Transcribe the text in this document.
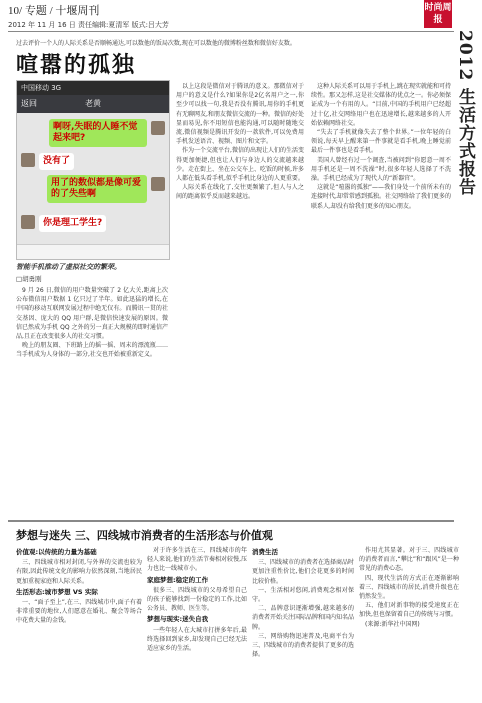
10/ 专题 / 十堰周刊
2012 年 11 月 16 日 责任编辑:夏清军 版式:吕大芳
时尚周报
2012 生活方式报告
过去评价一个人的人际关系是否顺畅通达,可以数他的饭局次数,现在可以数他的微博粉丝数和微信好友数。
喧嚣的孤独
中国移动 3G
返回	老黄
啊呀,失眠的人睡不觉起来吧?
没有了
用了的数似都是像可爱的了失些啊
你是理工学生?
智能手机推动了虚拟社交的繁荣。
□胡勇刚
9 月 26 日,微信的用户数量突破了 2 亿大关,距离上次公布微信用户数据 1 亿只过了半年。如此迅猛的增长,在中国的移动互联网发展过程中绝无仅有。而腾讯一贯的社交基因、庞大的 QQ 用户群,是微信快速发展的原因。微信已然成为手机 QQ 之外的另一真正大规模的即时通信产品,且正在改变很多人的社交习惯。
晚上的朋友圈、下班路上的摇一摇、周末的漂流瓶……当手机成为人身体的一部分,社交也开始被重新定义。
以上这段是微信对于腾讯的意义。那微信对于用户的意义是什么?如果你是2亿名用户之一,你至少可以找一句,我是否没有腾讯,用你的手机更有无聊网友,和朋友微信交流的一种。微信的好处显而易见,你不用短信也能沟通,可以随时随地交流,微信视频是腾讯开发的一款软件,可以免费用手机发送语音、视频、图片和文字。
作为一个交流平台,微信的出现让人们的生活变得更加便捷,但也让人们与身边人的交流越来越少。走在街上、坐在公交车上、吃饭的时候,许多人都在低头看手机,似乎手机比身边的人更重要。
人际关系在线化了,交往更频繁了,但人与人之间的距离似乎反而越来越远。
这种人际关系可以用于手机上,跳在现实就能和可持续性。那又怎样,这是社交媒体的优点之一。你必须保证成为一个有用的人。“目前,中国的手机用户已经超过十亿,社交网络用户也在迅速增长,越来越多的人开始依赖网络社交。
“失去了手机就像失去了整个世界。”一位年轻的白领说,每天早上醒来第一件事就是看手机,晚上睡觉前最后一件事也是看手机。
美国人曾经有过一个调查,当被问到“你愿意一周不用手机还是一周不洗澡”时,很多年轻人选择了不洗澡。手机已经成为了现代人的“新器官”。
这就是“喧嚣的孤独”——我们身处一个前所未有的连接时代,却常常感到孤独。社交网络给了我们更多的联系人,却没有给我们更多的知心朋友。
梦想与迷失 三、四线城市消费者的生活形态与价值观
价值观:以传统的力量为基础
三、四线城市相对封闭,与外界的交流也较为有限,因此传统文化的影响力依然深刻,当地居民更加重视家庭和人际关系。
生活形态:城市梦想 VS 实际
一、“面子至上”,在三、四线城市中,面子有着非常重要的地位,人们愿意在婚礼、聚会等场合中花费大量的金钱。
对于许多生活在三、四线城市的年轻人来说,他们的生活节奏相对较慢,压力也比一线城市小。
家庭梦想:稳定的工作
很多三、四线城市的父母希望自己的孩子能够找到一份稳定的工作,比如公务员、教师、医生等。
梦想与现实:迷失自我
一些年轻人在大城市打拼多年后,最终选择回到家乡,却发现自己已经无法适应家乡的生活。
消费生活
三、四线城市的消费者在选择商品时更加注重性价比,他们会花更多的时间比较价格。
一、生活相对悠闲,消费观念相对保守。
二、品牌意识逐渐增强,越来越多的消费者开始关注国际品牌和国内知名品牌。
三、网络购物迅速普及,电商平台为三、四线城市的消费者提供了更多的选择。
作用尤其显著。对于三、四线城市的消费者而言,“攀比”和“跟风”是一种常见的消费心态。
四、现代生活的方式正在逐渐影响着三、四线城市的居民,消费升级也在悄然发生。
五、他们对新事物的接受速度正在加快,但也保留着自己的传统与习惯。
(来源:新华社中国网)
